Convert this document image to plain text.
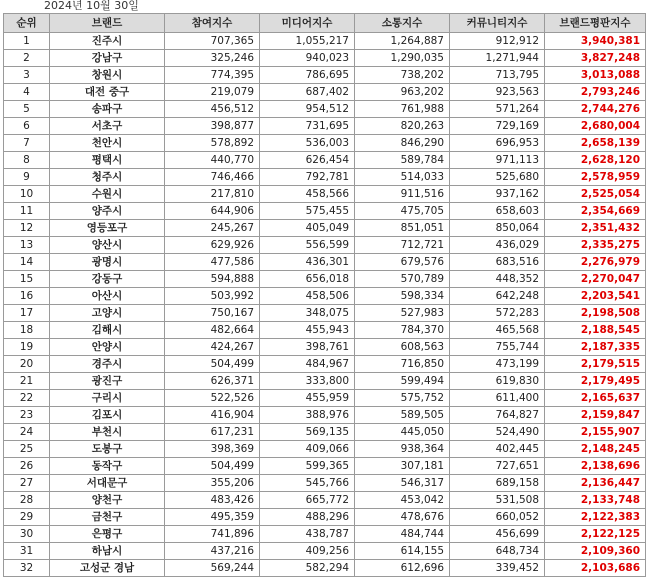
2024년 10월 30일
순위	브랜드	참여지수	미디어지수	소통지수	커뮤니티지수	브랜드평판지수
1	진주시	707,365	1,055,217	1,264,887	912,912	3,940,381
2	강남구	325,246	940,023	1,290,035	1,271,944	3,827,248
3	창원시	774,395	786,695	738,202	713,795	3,013,088
4	대전 중구	219,079	687,402	963,202	923,563	2,793,246
5	송파구	456,512	954,512	761,988	571,264	2,744,276
6	서초구	398,877	731,695	820,263	729,169	2,680,004
7	천안시	578,892	536,003	846,290	696,953	2,658,139
8	평택시	440,770	626,454	589,784	971,113	2,628,120
9	청주시	746,466	792,781	514,033	525,680	2,578,959
10	수원시	217,810	458,566	911,516	937,162	2,525,054
11	양주시	644,906	575,455	475,705	658,603	2,354,669
12	영등포구	245,267	405,049	851,051	850,064	2,351,432
13	양산시	629,926	556,599	712,721	436,029	2,335,275
14	광명시	477,586	436,301	679,576	683,516	2,276,979
15	강동구	594,888	656,018	570,789	448,352	2,270,047
16	아산시	503,992	458,506	598,334	642,248	2,203,541
17	고양시	750,167	348,075	527,983	572,283	2,198,508
18	김해시	482,664	455,943	784,370	465,568	2,188,545
19	안양시	424,267	398,761	608,563	755,744	2,187,335
20	경주시	504,499	484,967	716,850	473,199	2,179,515
21	광진구	626,371	333,800	599,494	619,830	2,179,495
22	구리시	522,526	455,959	575,752	611,400	2,165,637
23	김포시	416,904	388,976	589,505	764,827	2,159,847
24	부천시	617,231	569,135	445,050	524,490	2,155,907
25	도봉구	398,369	409,066	938,364	402,445	2,148,245
26	동작구	504,499	599,365	307,181	727,651	2,138,696
27	서대문구	355,206	545,766	546,317	689,158	2,136,447
28	양천구	483,426	665,772	453,042	531,508	2,133,748
29	금천구	495,359	488,296	478,676	660,052	2,122,383
30	은평구	741,896	438,787	484,744	456,699	2,122,125
31	하남시	437,216	409,256	614,155	648,734	2,109,360
32	고성군 경남	569,244	582,294	612,696	339,452	2,103,686
